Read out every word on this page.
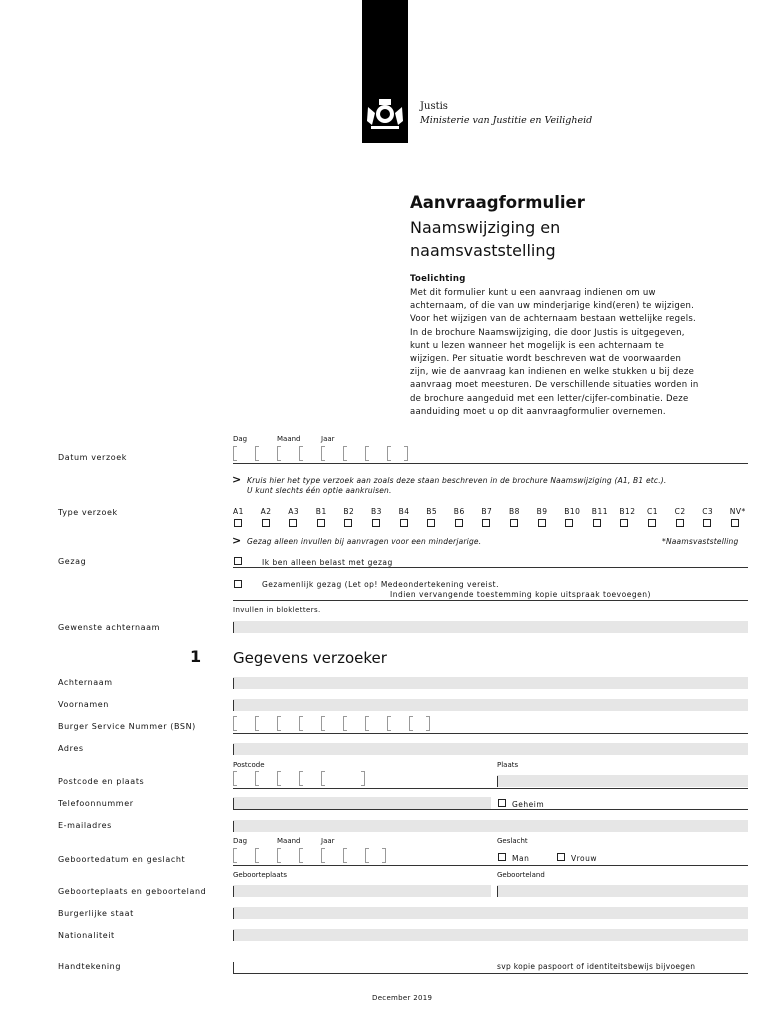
Justis
Ministerie van Justitie en Veiligheid
Aanvraagformulier
Naamswijziging en
naamsvaststelling
Toelichting
Met dit formulier kunt u een aanvraag indienen om uw
achternaam, of die van uw minderjarige kind(eren) te wijzigen.
Voor het wijzigen van de achternaam bestaan wettelijke regels.
In de brochure Naamswijziging, die door Justis is uitgegeven,
kunt u lezen wanneer het mogelijk is een achternaam te
wijzigen. Per situatie wordt beschreven wat de voorwaarden
zijn, wie de aanvraag kan indienen en welke stukken u bij deze
aanvraag moet meesturen. De verschillende situaties worden in
de brochure aangeduid met een letter/cijfer-combinatie. Deze
aanduiding moet u op dit aanvraagformulier overnemen.
Dag	Maand	Jaar
Datum verzoek
> Kruis hier het type verzoek aan zoals deze staan beschreven in de brochure Naamswijziging (A1, B1 etc.).
U kunt slechts één optie aankruisen.
Type verzoek	A1 A2 A3 B1 B2 B3 B4 B5 B6 B7 B8 B9 B10 B11 B12 C1 C2 C3 NV*
> Gezag alleen invullen bij aanvragen voor een minderjarige.	*Naamsvaststelling
Gezag	Ik ben alleen belast met gezag
Gezamenlijk gezag (Let op! Medeondertekening vereist.
Indien vervangende toestemming kopie uitspraak toevoegen)
Invullen in blokletters.
Gewenste achternaam
1 Gegevens verzoeker
Achternaam
Voornamen
Burger Service Nummer (BSN)
Adres
Postcode	Plaats
Postcode en plaats
Telefoonnummer	Geheim
E-mailadres
Dag	Maand	Jaar	Geslacht
Geboortedatum en geslacht	Man	Vrouw
Geboorteplaats	Geboorteland
Geboorteplaats en geboorteland
Burgerlijke staat
Nationaliteit
Handtekening	svp kopie paspoort of identiteitsbewijs bijvoegen
December 2019
